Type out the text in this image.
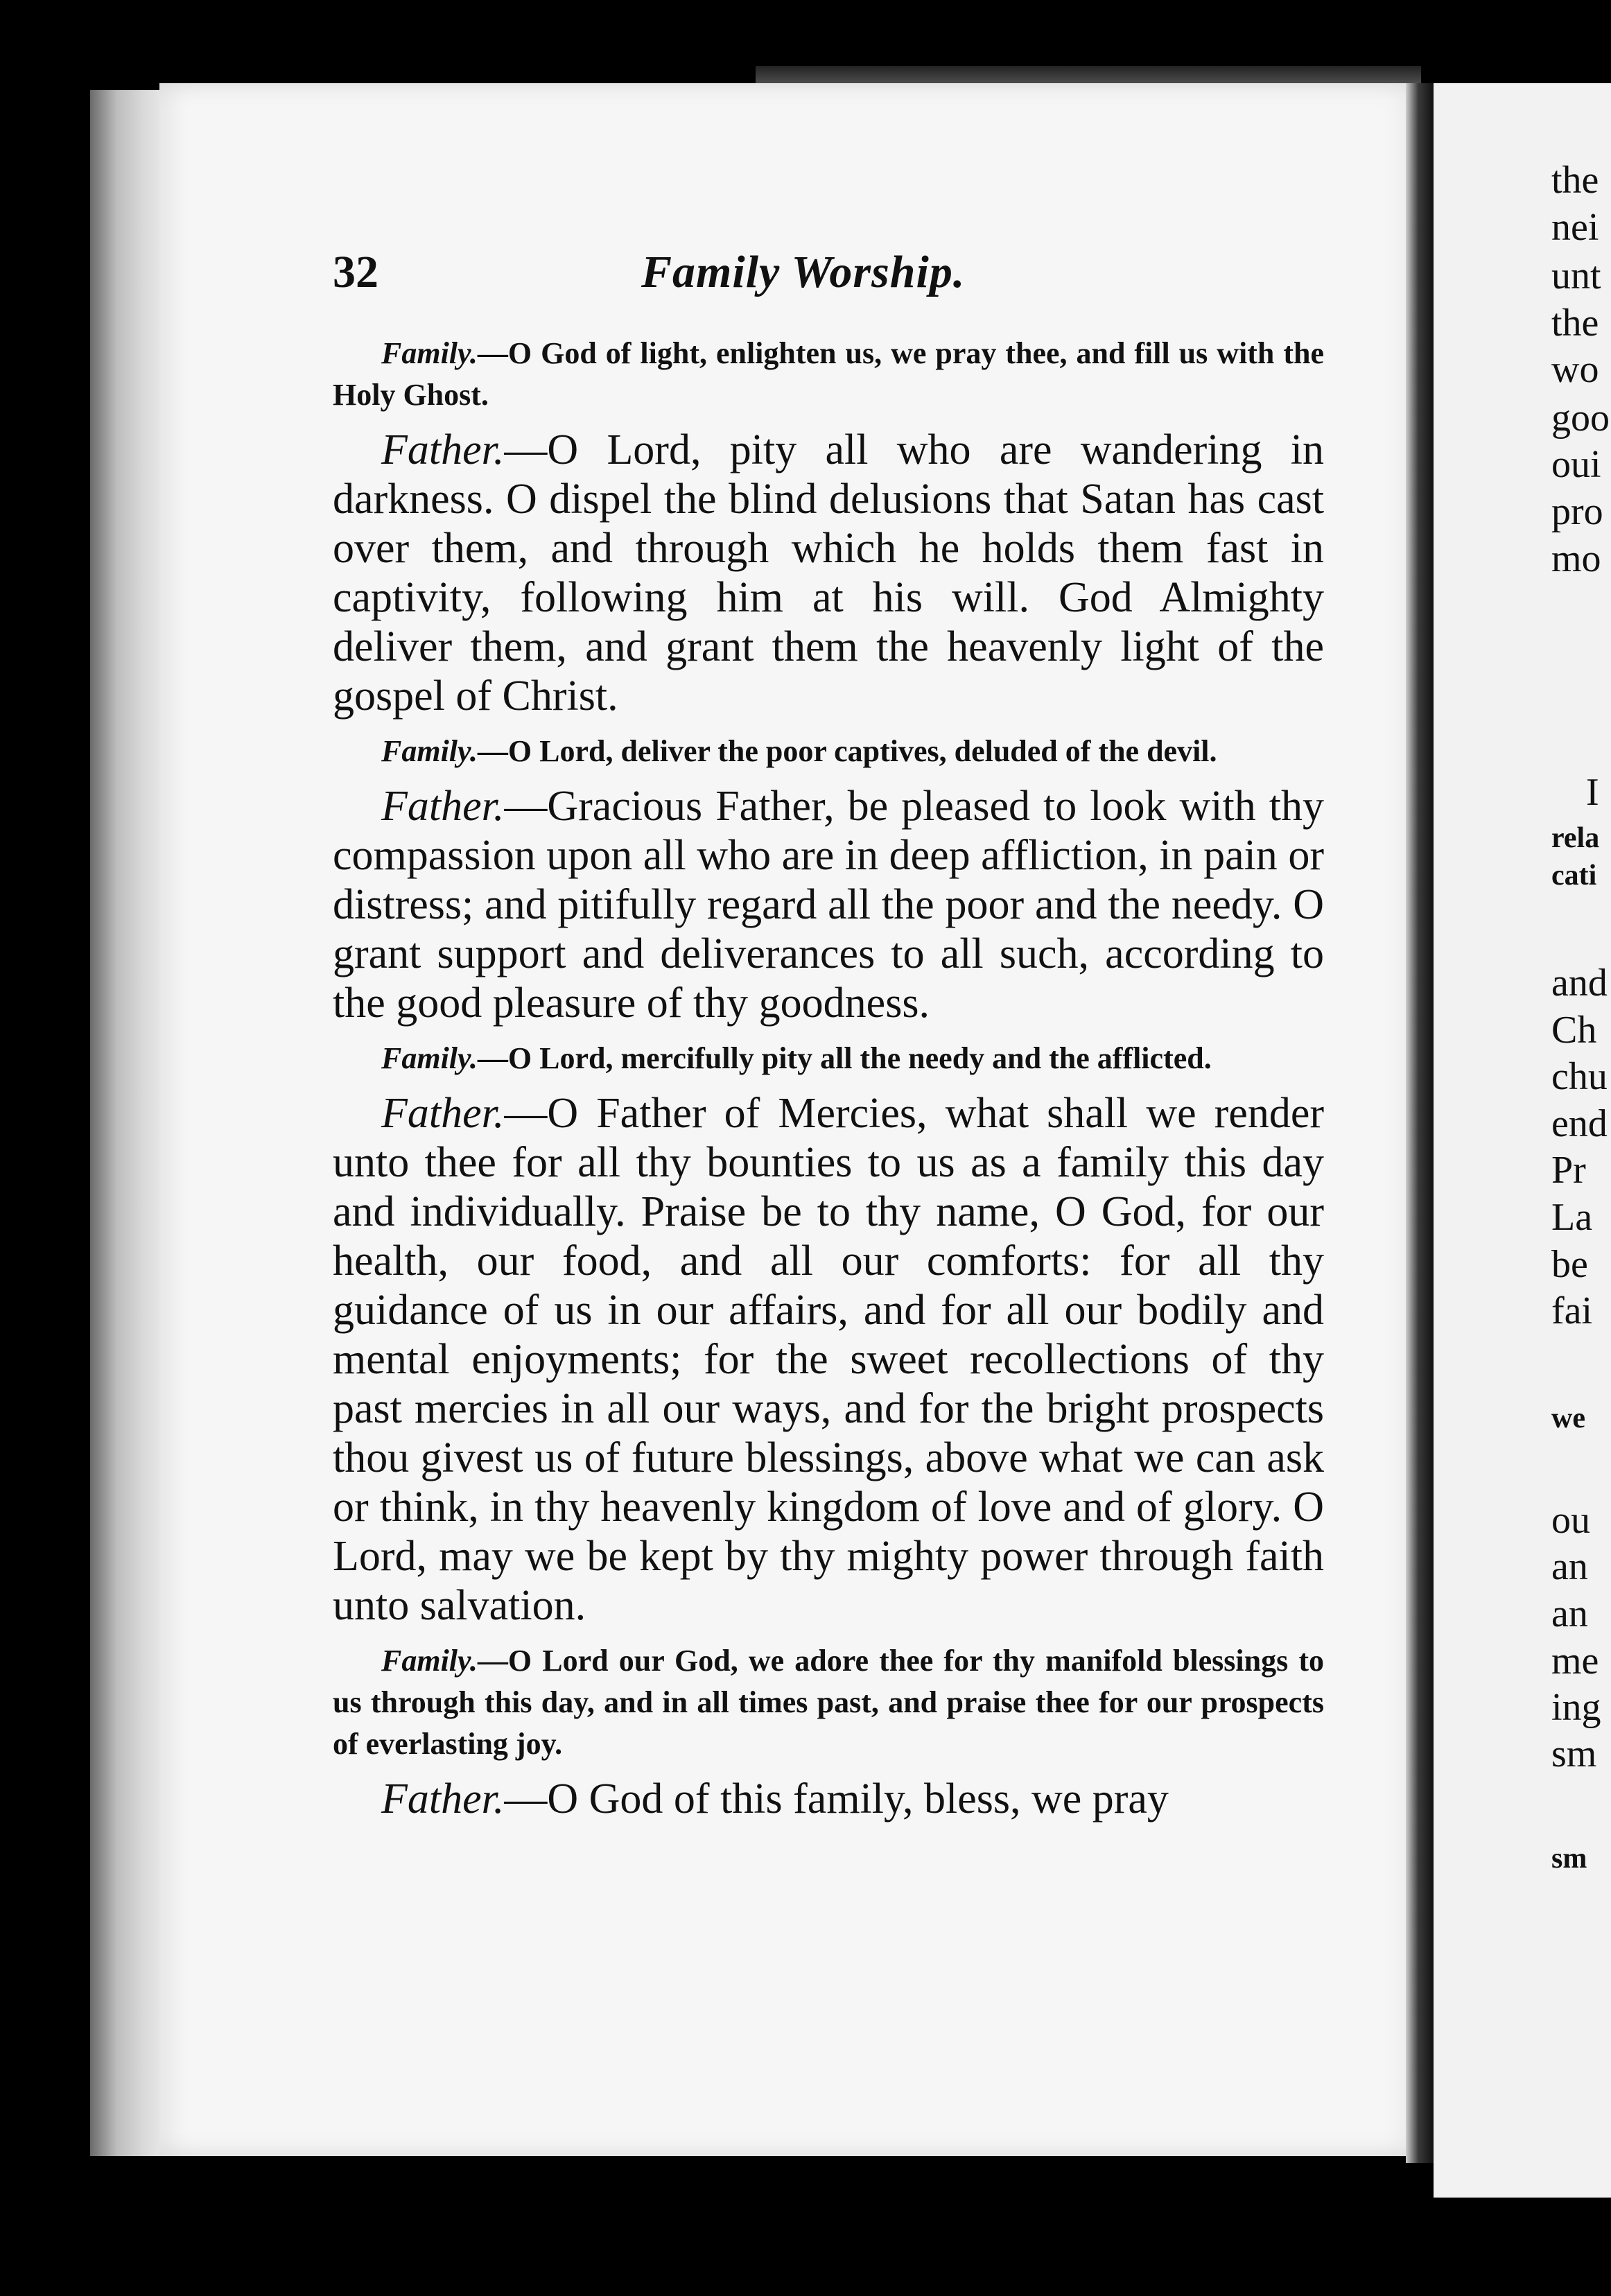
the
nei
unt
the
wo
goo
oui
pro
mo
I
rela
cati
and
Ch
chu
end
Pr
La
be
fai
we
ou
an
an
me
ing
sm
sm
32	Family Worship.

Family.—O God of light, enlighten us, we pray thee, and fill us with the Holy Ghost.

Father.—O Lord, pity all who are wandering in darkness. O dispel the blind delusions that Satan has cast over them, and through which he holds them fast in captivity, following him at his will. God Almighty deliver them, and grant them the heavenly light of the gospel of Christ.

Family.—O Lord, deliver the poor captives, deluded of the devil.

Father.—Gracious Father, be pleased to look with thy compassion upon all who are in deep affliction, in pain or distress; and pitifully regard all the poor and the needy. O grant support and deliverances to all such, according to the good pleasure of thy goodness.

Family.—O Lord, mercifully pity all the needy and the afflicted.

Father.—O Father of Mercies, what shall we render unto thee for all thy bounties to us as a family this day and individually. Praise be to thy name, O God, for our health, our food, and all our comforts: for all thy guidance of us in our affairs, and for all our bodily and mental enjoyments; for the sweet recollections of thy past mercies in all our ways, and for the bright prospects thou givest us of future blessings, above what we can ask or think, in thy heavenly kingdom of love and of glory. O Lord, may we be kept by thy mighty power through faith unto salvation.

Family.—O Lord our God, we adore thee for thy manifold blessings to us through this day, and in all times past, and praise thee for our prospects of everlasting joy.

Father.—O God of this family, bless, we pray
